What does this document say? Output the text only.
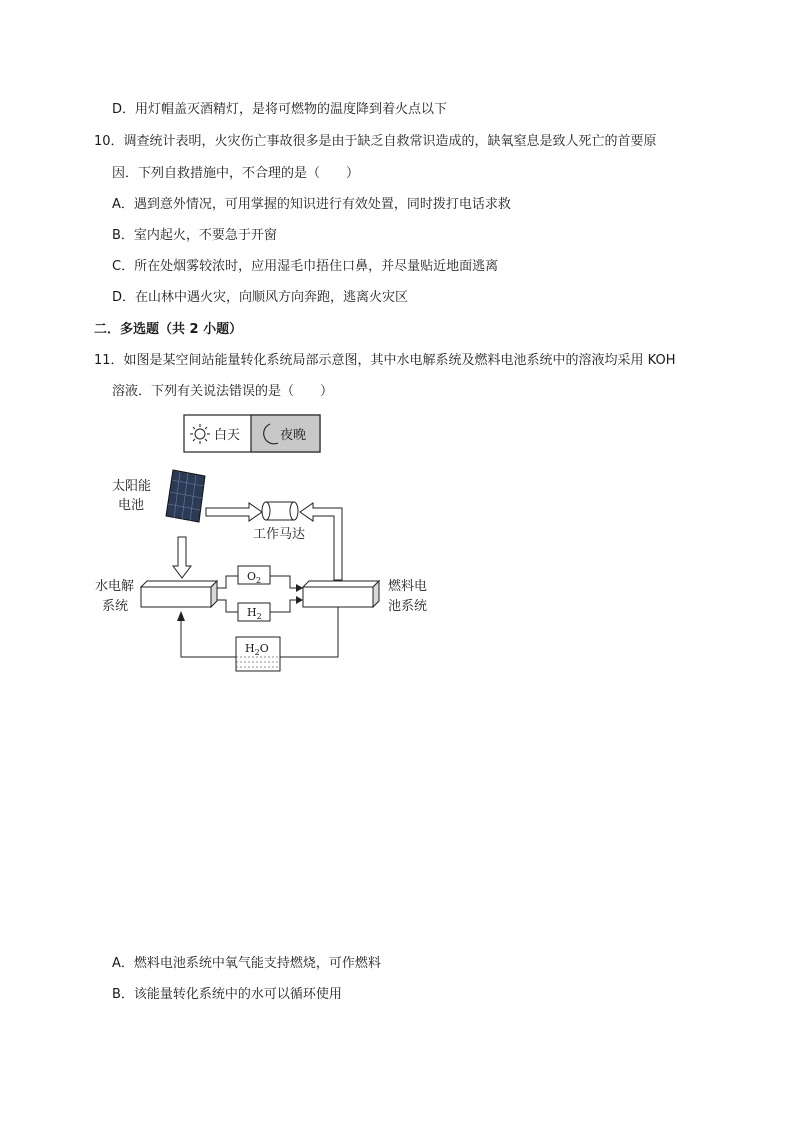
D．用灯帽盖灭酒精灯，是将可燃物的温度降到着火点以下
10．调查统计表明，火灾伤亡事故很多是由于缺乏自救常识造成的，缺氧窒息是致人死亡的首要原
因．下列自救措施中，不合理的是（　　）
A．遇到意外情况，可用掌握的知识进行有效处置，同时拨打电话求救
B．室内起火，不要急于开窗
C．所在处烟雾较浓时，应用湿毛巾捂住口鼻，并尽量贴近地面逃离
D．在山林中遇火灾，向顺风方向奔跑，逃离火灾区
二．多选题（共 2 小题）
11．如图是某空间站能量转化系统局部示意图，其中水电解系统及燃料电池系统中的溶液均采用 KOH
溶液．下列有关说法错误的是（　　）
白天	夜晚
太阳能
电池
工作马达
水电解
系统
燃料电
池系统
$O_2$
$H_2$
$H_2O$
A．燃料电池系统中氧气能支持燃烧，可作燃料
B．该能量转化系统中的水可以循环使用
